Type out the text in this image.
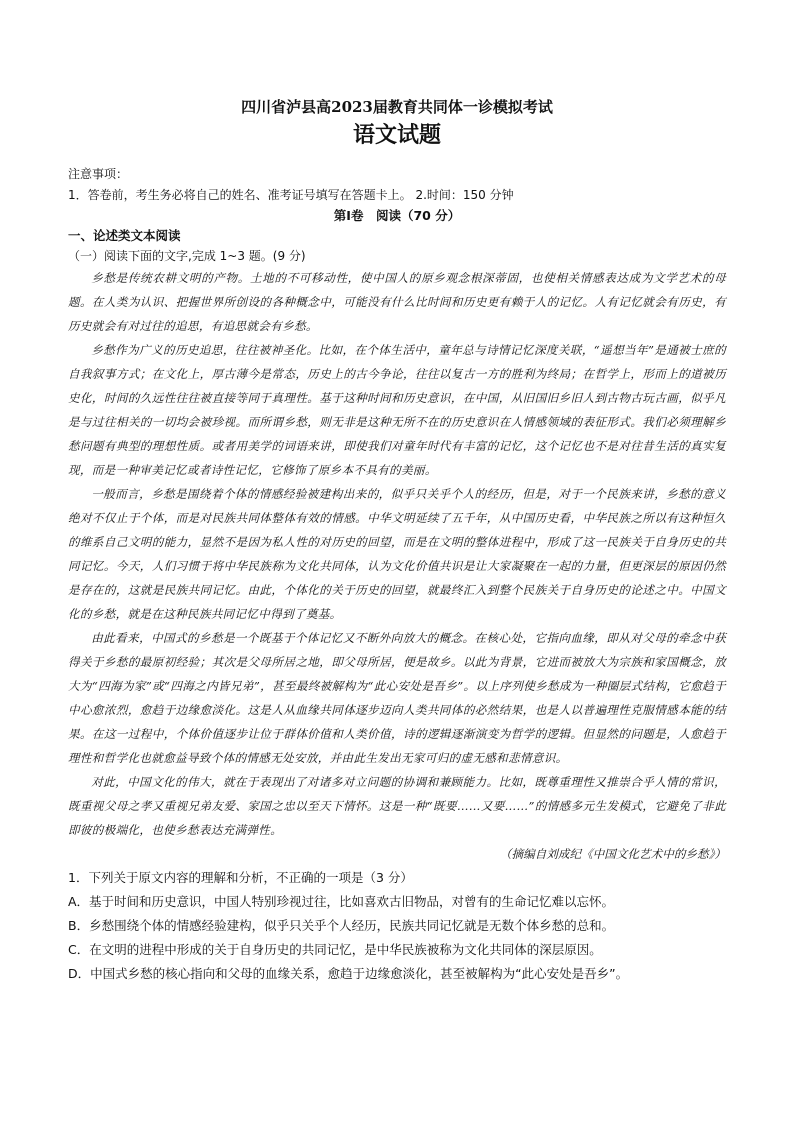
四川省泸县高2023届教育共同体一诊模拟考试
语文试题
注意事项：
1．答卷前，考生务必将自己的姓名、准考证号填写在答题卡上。 2.时间：150 分钟
第Ⅰ卷　阅读（70 分）
一、论述类文本阅读
（一）阅读下面的文字,完成 1~3 题。(9 分)

乡愁是传统农耕文明的产物。土地的不可移动性，使中国人的原乡观念根深蒂固，也使相关情感表达成为文学艺术的母题。在人类为认识、把握世界所创设的各种概念中，可能没有什么比时间和历史更有赖于人的记忆。人有记忆就会有历史，有历史就会有对过往的追思，有追思就会有乡愁。

乡愁作为广义的历史追思，往往被神圣化。比如，在个体生活中，童年总与诗情记忆深度关联，“遥想当年”是通被士庶的自我叙事方式；在文化上，厚古薄今是常态，历史上的古今争论，往往以复古一方的胜利为终局；在哲学上，形而上的道被历史化，时间的久远性往往被直接等同于真理性。基于这种时间和历史意识，在中国，从旧国旧乡旧人到古物古玩古画，似乎凡是与过往相关的一切均会被珍视。而所谓乡愁，则无非是这种无所不在的历史意识在人情感领域的表征形式。我们必须理解乡愁问题有典型的理想性质。或者用美学的词语来讲，即使我们对童年时代有丰富的记忆，这个记忆也不是对往昔生活的真实复现，而是一种审美记忆或者诗性记忆，它修饰了原乡本不具有的美丽。

一般而言，乡愁是围绕着个体的情感经验被建构出来的，似乎只关乎个人的经历，但是，对于一个民族来讲，乡愁的意义绝对不仅止于个体，而是对民族共同体整体有效的情感。中华文明延续了五千年，从中国历史看，中华民族之所以有这种恒久的维系自己文明的能力，显然不是因为私人性的对历史的回望，而是在文明的整体进程中，形成了这一民族关于自身历史的共同记忆。今天，人们习惯于将中华民族称为文化共同体，认为文化价值共识是让大家凝聚在一起的力量，但更深层的原因仍然是存在的，这就是民族共同记忆。由此，个体化的关于历史的回望，就最终汇入到整个民族关于自身历史的论述之中。中国文化的乡愁，就是在这种民族共同记忆中得到了奠基。

由此看来，中国式的乡愁是一个既基于个体记忆又不断外向放大的概念。在核心处，它指向血缘，即从对父母的牵念中获得关于乡愁的最原初经验；其次是父母所居之地，即父母所居，便是故乡。以此为背景，它进而被放大为宗族和家国概念，放大为“四海为家”或“四海之内皆兄弟”，甚至最终被解构为“此心安处是吾乡”。以上序列使乡愁成为一种圈层式结构，它愈趋于中心愈浓烈，愈趋于边缘愈淡化。这是人从血缘共同体逐步迈向人类共同体的必然结果，也是人以普遍理性克服情感本能的结果。在这一过程中，个体价值逐步让位于群体价值和人类价值，诗的逻辑逐渐演变为哲学的逻辑。但显然的问题是，人愈趋于理性和哲学化也就愈益导致个体的情感无处安放，并由此生发出无家可归的虚无感和悲情意识。

对此，中国文化的伟大，就在于表现出了对诸多对立问题的协调和兼顾能力。比如，既尊重理性又推崇合乎人情的常识，既重视父母之孝又重视兄弟友爱、家国之忠以至天下情怀。这是一种“既要……又要……”的情感多元生发模式，它避免了非此即彼的极端化，也使乡愁表达充满弹性。

（摘编自刘成纪《中国文化艺术中的乡愁》）
1．下列关于原文内容的理解和分析，不正确的一项是（3 分）
A．基于时间和历史意识，中国人特别珍视过往，比如喜欢古旧物品，对曾有的生命记忆难以忘怀。
B．乡愁围绕个体的情感经验建构，似乎只关乎个人经历，民族共同记忆就是无数个体乡愁的总和。
C．在文明的进程中形成的关于自身历史的共同记忆，是中华民族被称为文化共同体的深层原因。
D．中国式乡愁的核心指向和父母的血缘关系，愈趋于边缘愈淡化，甚至被解构为“此心安处是吾乡”。
